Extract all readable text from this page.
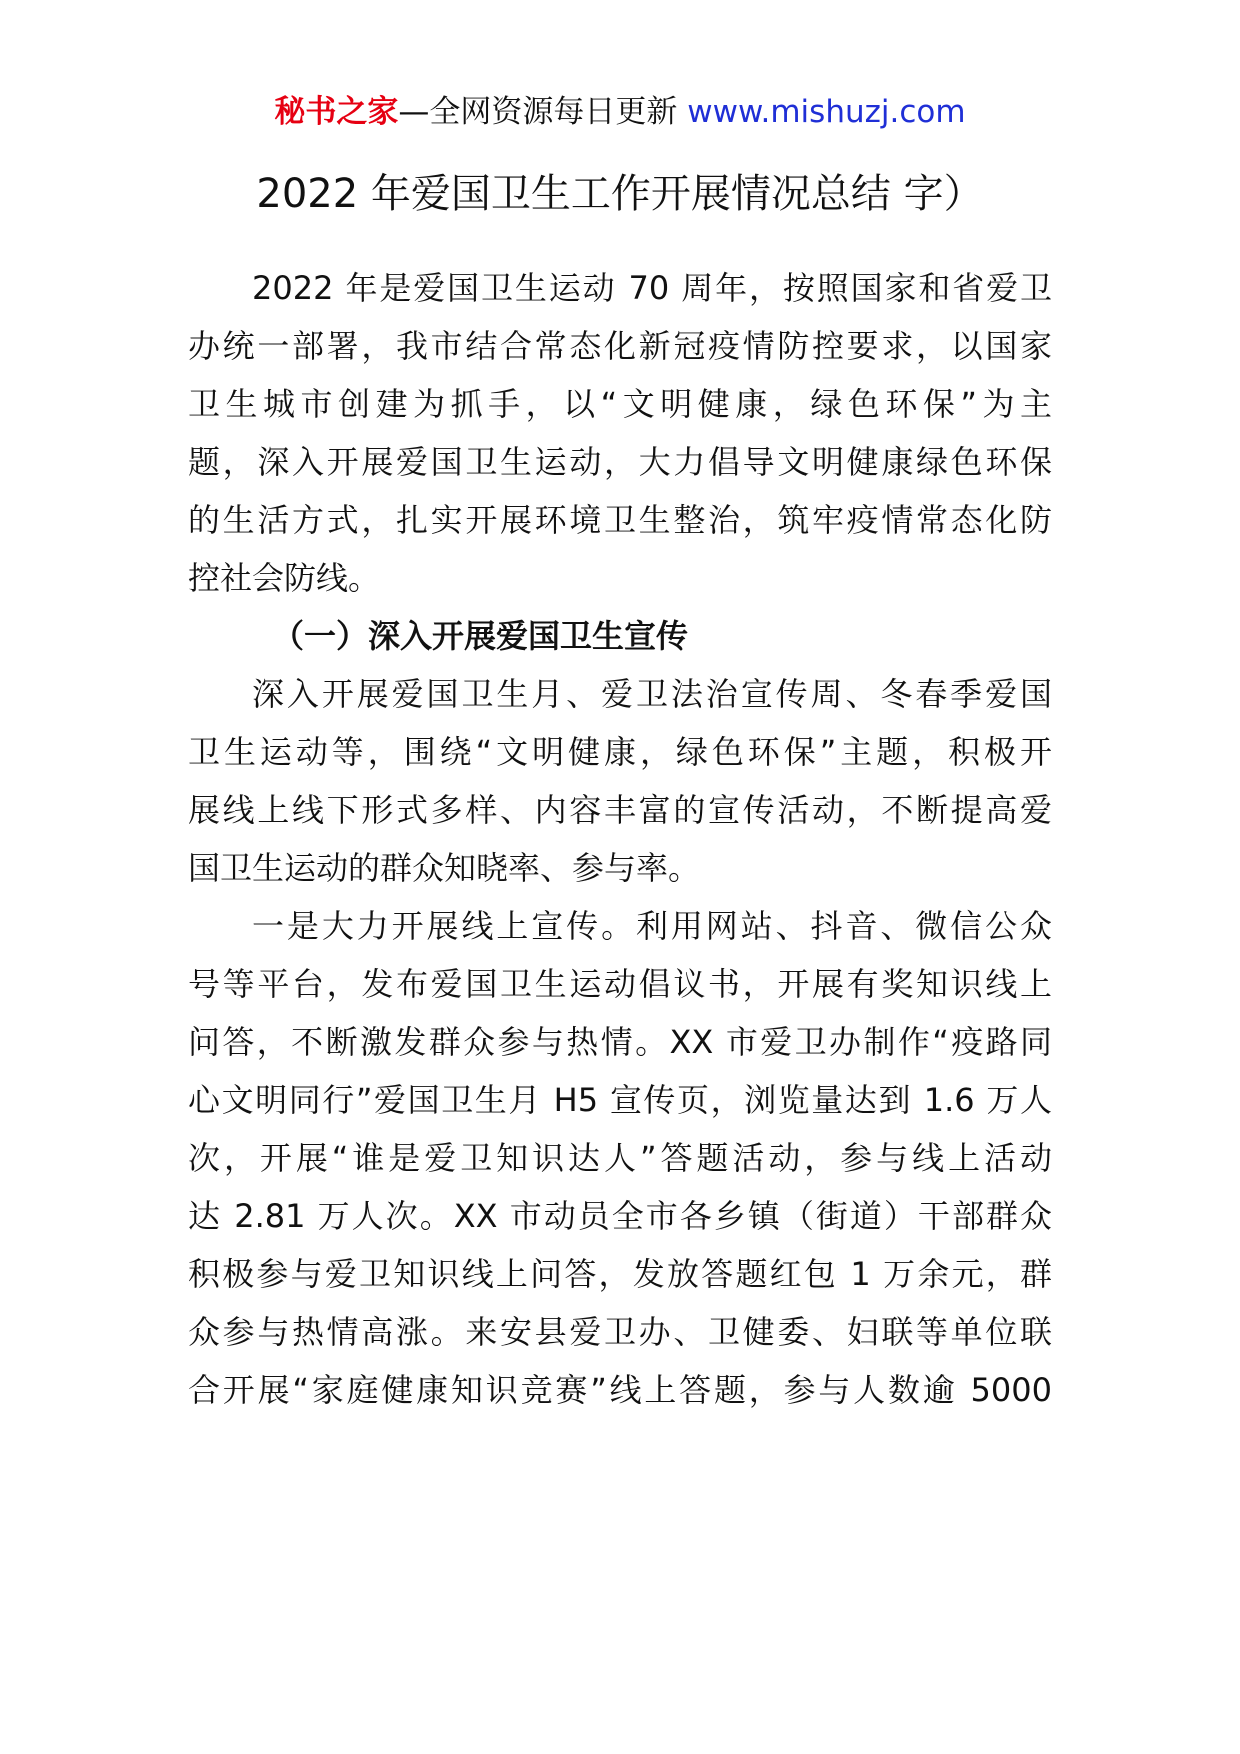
秘书之家—全网资源每日更新 www.mishuzj.com
2022 年爱国卫生工作开展情况总结 字）
2022 年是爱国卫生运动 70 周年，按照国家和省爱卫
办统一部署，我市结合常态化新冠疫情防控要求，以国家
卫生城市创建为抓手，以“文明健康，绿色环保”为主
题，深入开展爱国卫生运动，大力倡导文明健康绿色环保
的生活方式，扎实开展环境卫生整治，筑牢疫情常态化防
控社会防线。
（一）深入开展爱国卫生宣传
深入开展爱国卫生月、爱卫法治宣传周、冬春季爱国
卫生运动等，围绕“文明健康，绿色环保”主题，积极开
展线上线下形式多样、内容丰富的宣传活动，不断提高爱
国卫生运动的群众知晓率、参与率。
一是大力开展线上宣传。利用网站、抖音、微信公众
号等平台，发布爱国卫生运动倡议书，开展有奖知识线上
问答，不断激发群众参与热情。XX 市爱卫办制作“疫路同
心文明同行”爱国卫生月 H5 宣传页，浏览量达到 1.6 万人
次，开展“谁是爱卫知识达人”答题活动，参与线上活动
达 2.81 万人次。XX 市动员全市各乡镇（街道）干部群众
积极参与爱卫知识线上问答，发放答题红包 1 万余元，群
众参与热情高涨。来安县爱卫办、卫健委、妇联等单位联
合开展“家庭健康知识竞赛”线上答题，参与人数逾 5000
